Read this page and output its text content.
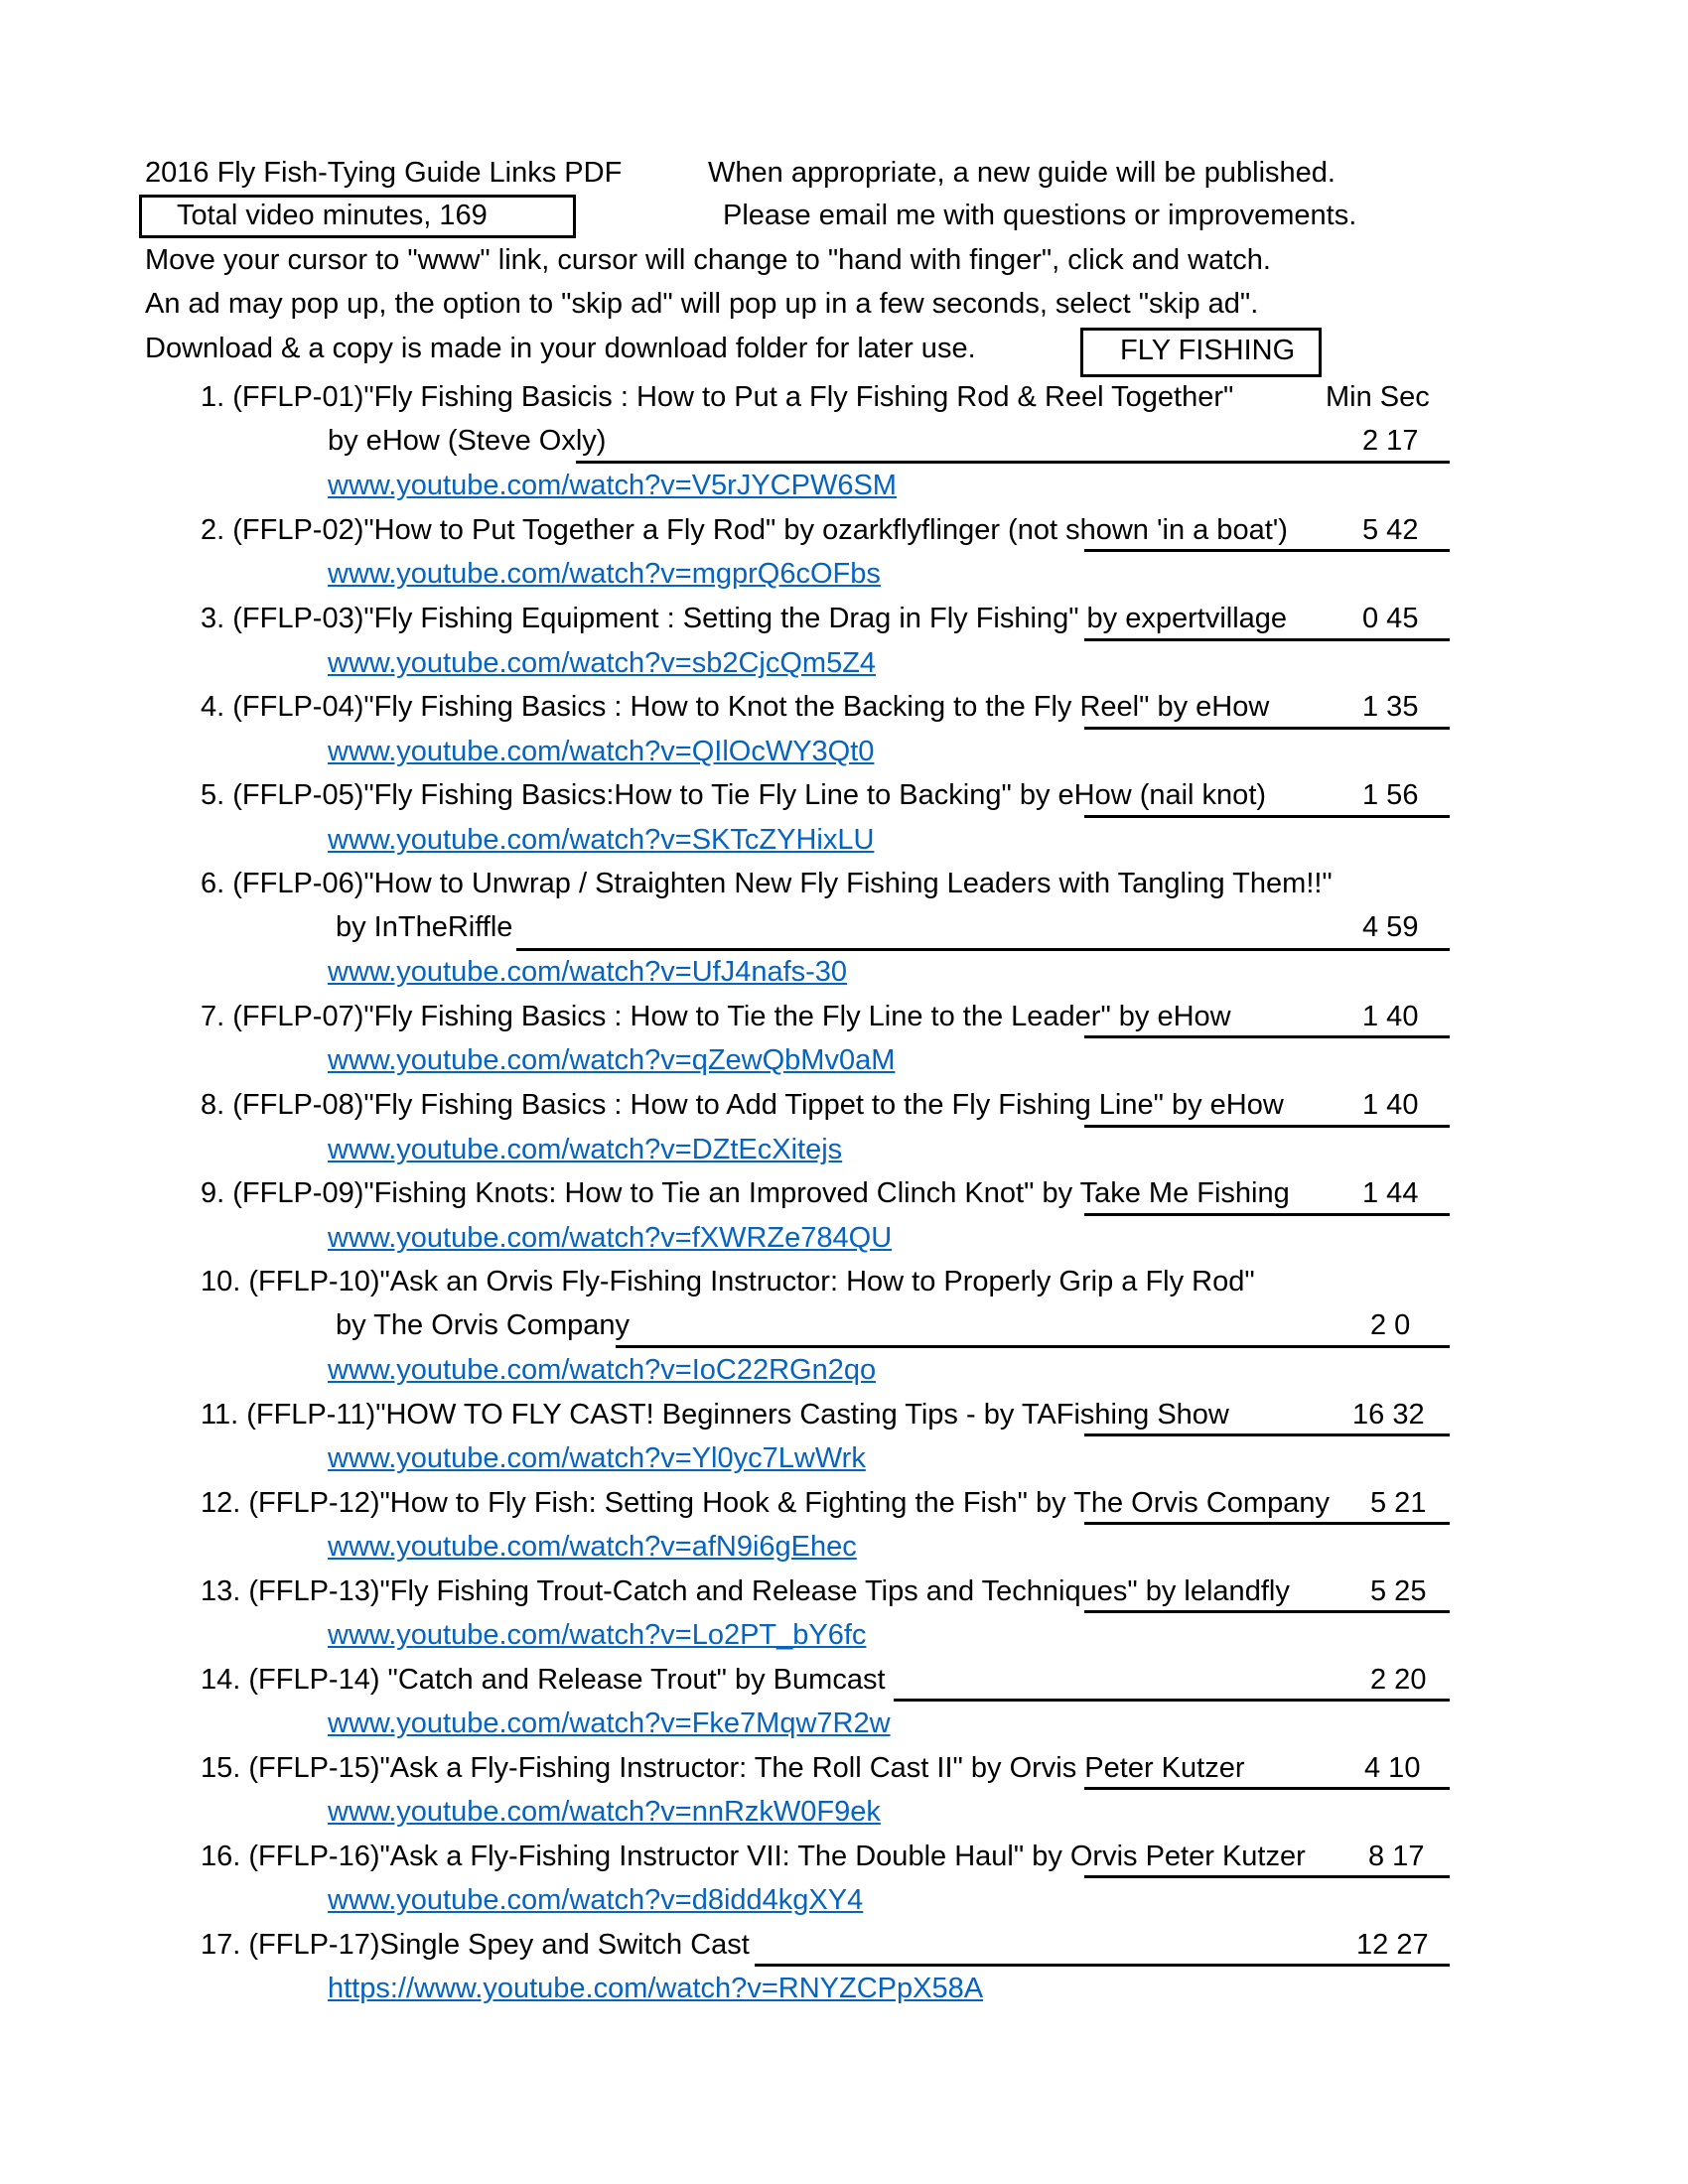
2016 Fly Fish-Tying Guide Links PDF	When appropriate, a new guide will be published.
Total video minutes, 169	Please email me with questions or improvements.
Move your cursor to "www" link, cursor will change to "hand with finger", click and watch.
An ad may pop up, the option to "skip ad" will pop up in a few seconds, select "skip ad".
Download & a copy is made in your download folder for later use.	FLY FISHING
1. (FFLP-01)"Fly Fishing Basicis : How to Put a Fly Fishing Rod & Reel Together"	Min Sec
by eHow (Steve Oxly)	2 17
www.youtube.com/watch?v=V5rJYCPW6SM
2. (FFLP-02)"How to Put Together a Fly Rod" by ozarkflyflinger (not shown 'in a boat')	5 42
www.youtube.com/watch?v=mgprQ6cOFbs
3. (FFLP-03)"Fly Fishing Equipment : Setting the Drag in Fly Fishing" by expertvillage	0 45
www.youtube.com/watch?v=sb2CjcQm5Z4
4. (FFLP-04)"Fly Fishing Basics : How to Knot the Backing to the Fly Reel" by eHow	1 35
www.youtube.com/watch?v=QIlOcWY3Qt0
5. (FFLP-05)"Fly Fishing Basics:How to Tie Fly Line to Backing" by eHow (nail knot)	1 56
www.youtube.com/watch?v=SKTcZYHixLU
6. (FFLP-06)"How to Unwrap / Straighten New Fly Fishing Leaders with Tangling Them!!"
by InTheRiffle	4 59
www.youtube.com/watch?v=UfJ4nafs-30
7. (FFLP-07)"Fly Fishing Basics : How to Tie the Fly Line to the Leader" by eHow	1 40
www.youtube.com/watch?v=qZewQbMv0aM
8. (FFLP-08)"Fly Fishing Basics : How to Add Tippet to the Fly Fishing Line" by eHow	1 40
www.youtube.com/watch?v=DZtEcXitejs
9. (FFLP-09)"Fishing Knots: How to Tie an Improved Clinch Knot" by Take Me Fishing	1 44
www.youtube.com/watch?v=fXWRZe784QU
10. (FFLP-10)"Ask an Orvis Fly-Fishing Instructor: How to Properly Grip a Fly Rod"
by The Orvis Company	2 0
www.youtube.com/watch?v=IoC22RGn2qo
11. (FFLP-11)"HOW TO FLY CAST! Beginners Casting Tips - by TAFishing Show	16 32
www.youtube.com/watch?v=Yl0yc7LwWrk
12. (FFLP-12)"How to Fly Fish: Setting Hook & Fighting the Fish" by The Orvis Company 5 21
www.youtube.com/watch?v=afN9i6gEhec
13. (FFLP-13)"Fly Fishing Trout-Catch and Release Tips and Techniques" by lelandfly	5 25
www.youtube.com/watch?v=Lo2PT_bY6fc
14. (FFLP-14) "Catch and Release Trout" by Bumcast	2 20
www.youtube.com/watch?v=Fke7Mqw7R2w
15. (FFLP-15)"Ask a Fly-Fishing Instructor: The Roll Cast II" by Orvis Peter Kutzer	4 10
www.youtube.com/watch?v=nnRzkW0F9ek
16. (FFLP-16)"Ask a Fly-Fishing Instructor VII: The Double Haul" by Orvis Peter Kutzer 8 17
www.youtube.com/watch?v=d8idd4kgXY4
17. (FFLP-17)Single Spey and Switch Cast	12 27
https://www.youtube.com/watch?v=RNYZCPpX58A
